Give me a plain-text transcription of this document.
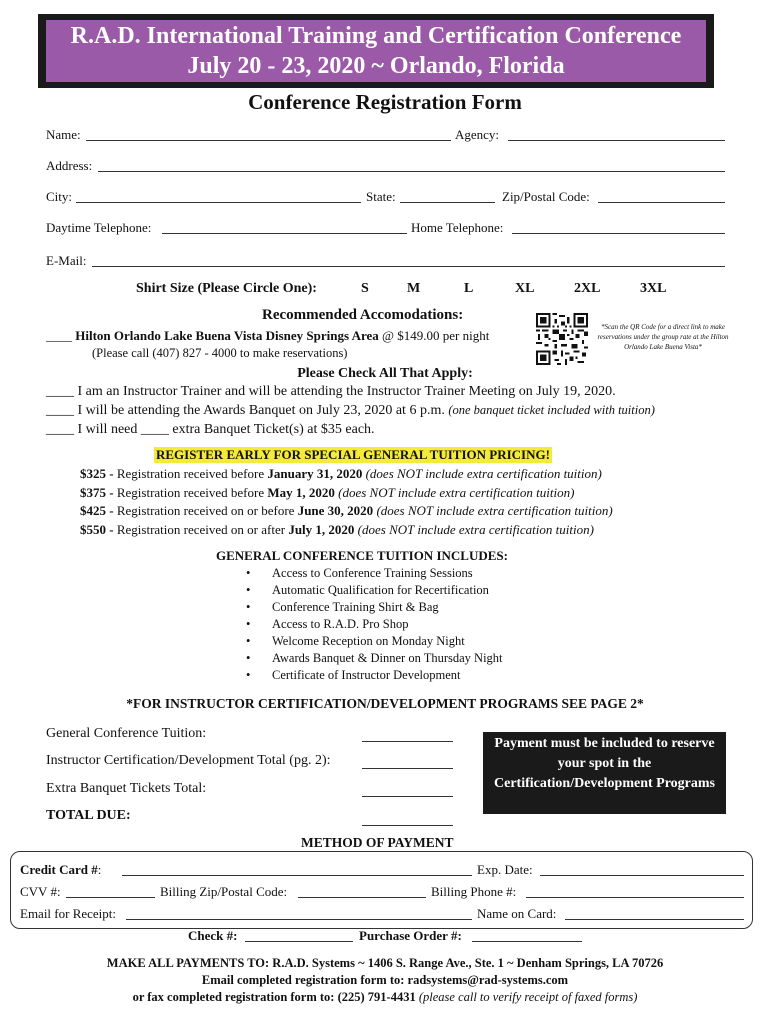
R.A.D. International Training and Certification Conference
July 20 - 23, 2020 ~ Orlando, Florida
Conference Registration Form
Name:	Agency:
Address:
City:	State:	Zip/Postal Code:
Daytime Telephone:	Home Telephone:
E-Mail:
Shirt Size (Please Circle One):	S	M	L	XL	2XL	3XL
Recommended Accomodations:
____ Hilton Orlando Lake Buena Vista Disney Springs Area @ $149.00 per night
(Please call (407) 827 - 4000 to make reservations)
*Scan the QR Code for a direct link to make reservations under the group rate at the Hilton Orlando Lake Buena Vista*
Please Check All That Apply:
____ I am an Instructor Trainer and will be attending the Instructor Trainer Meeting on July 19, 2020.
____ I will be attending the Awards Banquet on July 23, 2020 at 6 p.m. (one banquet ticket included with tuition)
____ I will need ____ extra Banquet Ticket(s) at $35 each.
REGISTER EARLY FOR SPECIAL GENERAL TUITION PRICING!
$325 - Registration received before January 31, 2020 (does NOT include extra certification tuition)
$375 - Registration received before May 1, 2020 (does NOT include extra certification tuition)
$425 - Registration received on or before June 30, 2020 (does NOT include extra certification tuition)
$550 - Registration received on or after July 1, 2020 (does NOT include extra certification tuition)
GENERAL CONFERENCE TUITION INCLUDES:
• Access to Conference Training Sessions
• Automatic Qualification for Recertification
• Conference Training Shirt & Bag
• Access to R.A.D. Pro Shop
• Welcome Reception on Monday Night
• Awards Banquet & Dinner on Thursday Night
• Certificate of Instructor Development
*FOR INSTRUCTOR CERTIFICATION/DEVELOPMENT PROGRAMS SEE PAGE 2*
General Conference Tuition:
Instructor Certification/Development Total (pg. 2):
Extra Banquet Tickets Total:
TOTAL DUE:
Payment must be included to reserve your spot in the Certification/Development Programs
METHOD OF PAYMENT
Credit Card #:	Exp. Date:
CVV #:	Billing Zip/Postal Code:	Billing Phone #:
Email for Receipt:	Name on Card:
Check #:	Purchase Order #:
MAKE ALL PAYMENTS TO: R.A.D. Systems ~ 1406 S. Range Ave., Ste. 1 ~ Denham Springs, LA 70726
Email completed registration form to: radsystems@rad-systems.com
or fax completed registration form to: (225) 791-4431 (please call to verify receipt of faxed forms)
